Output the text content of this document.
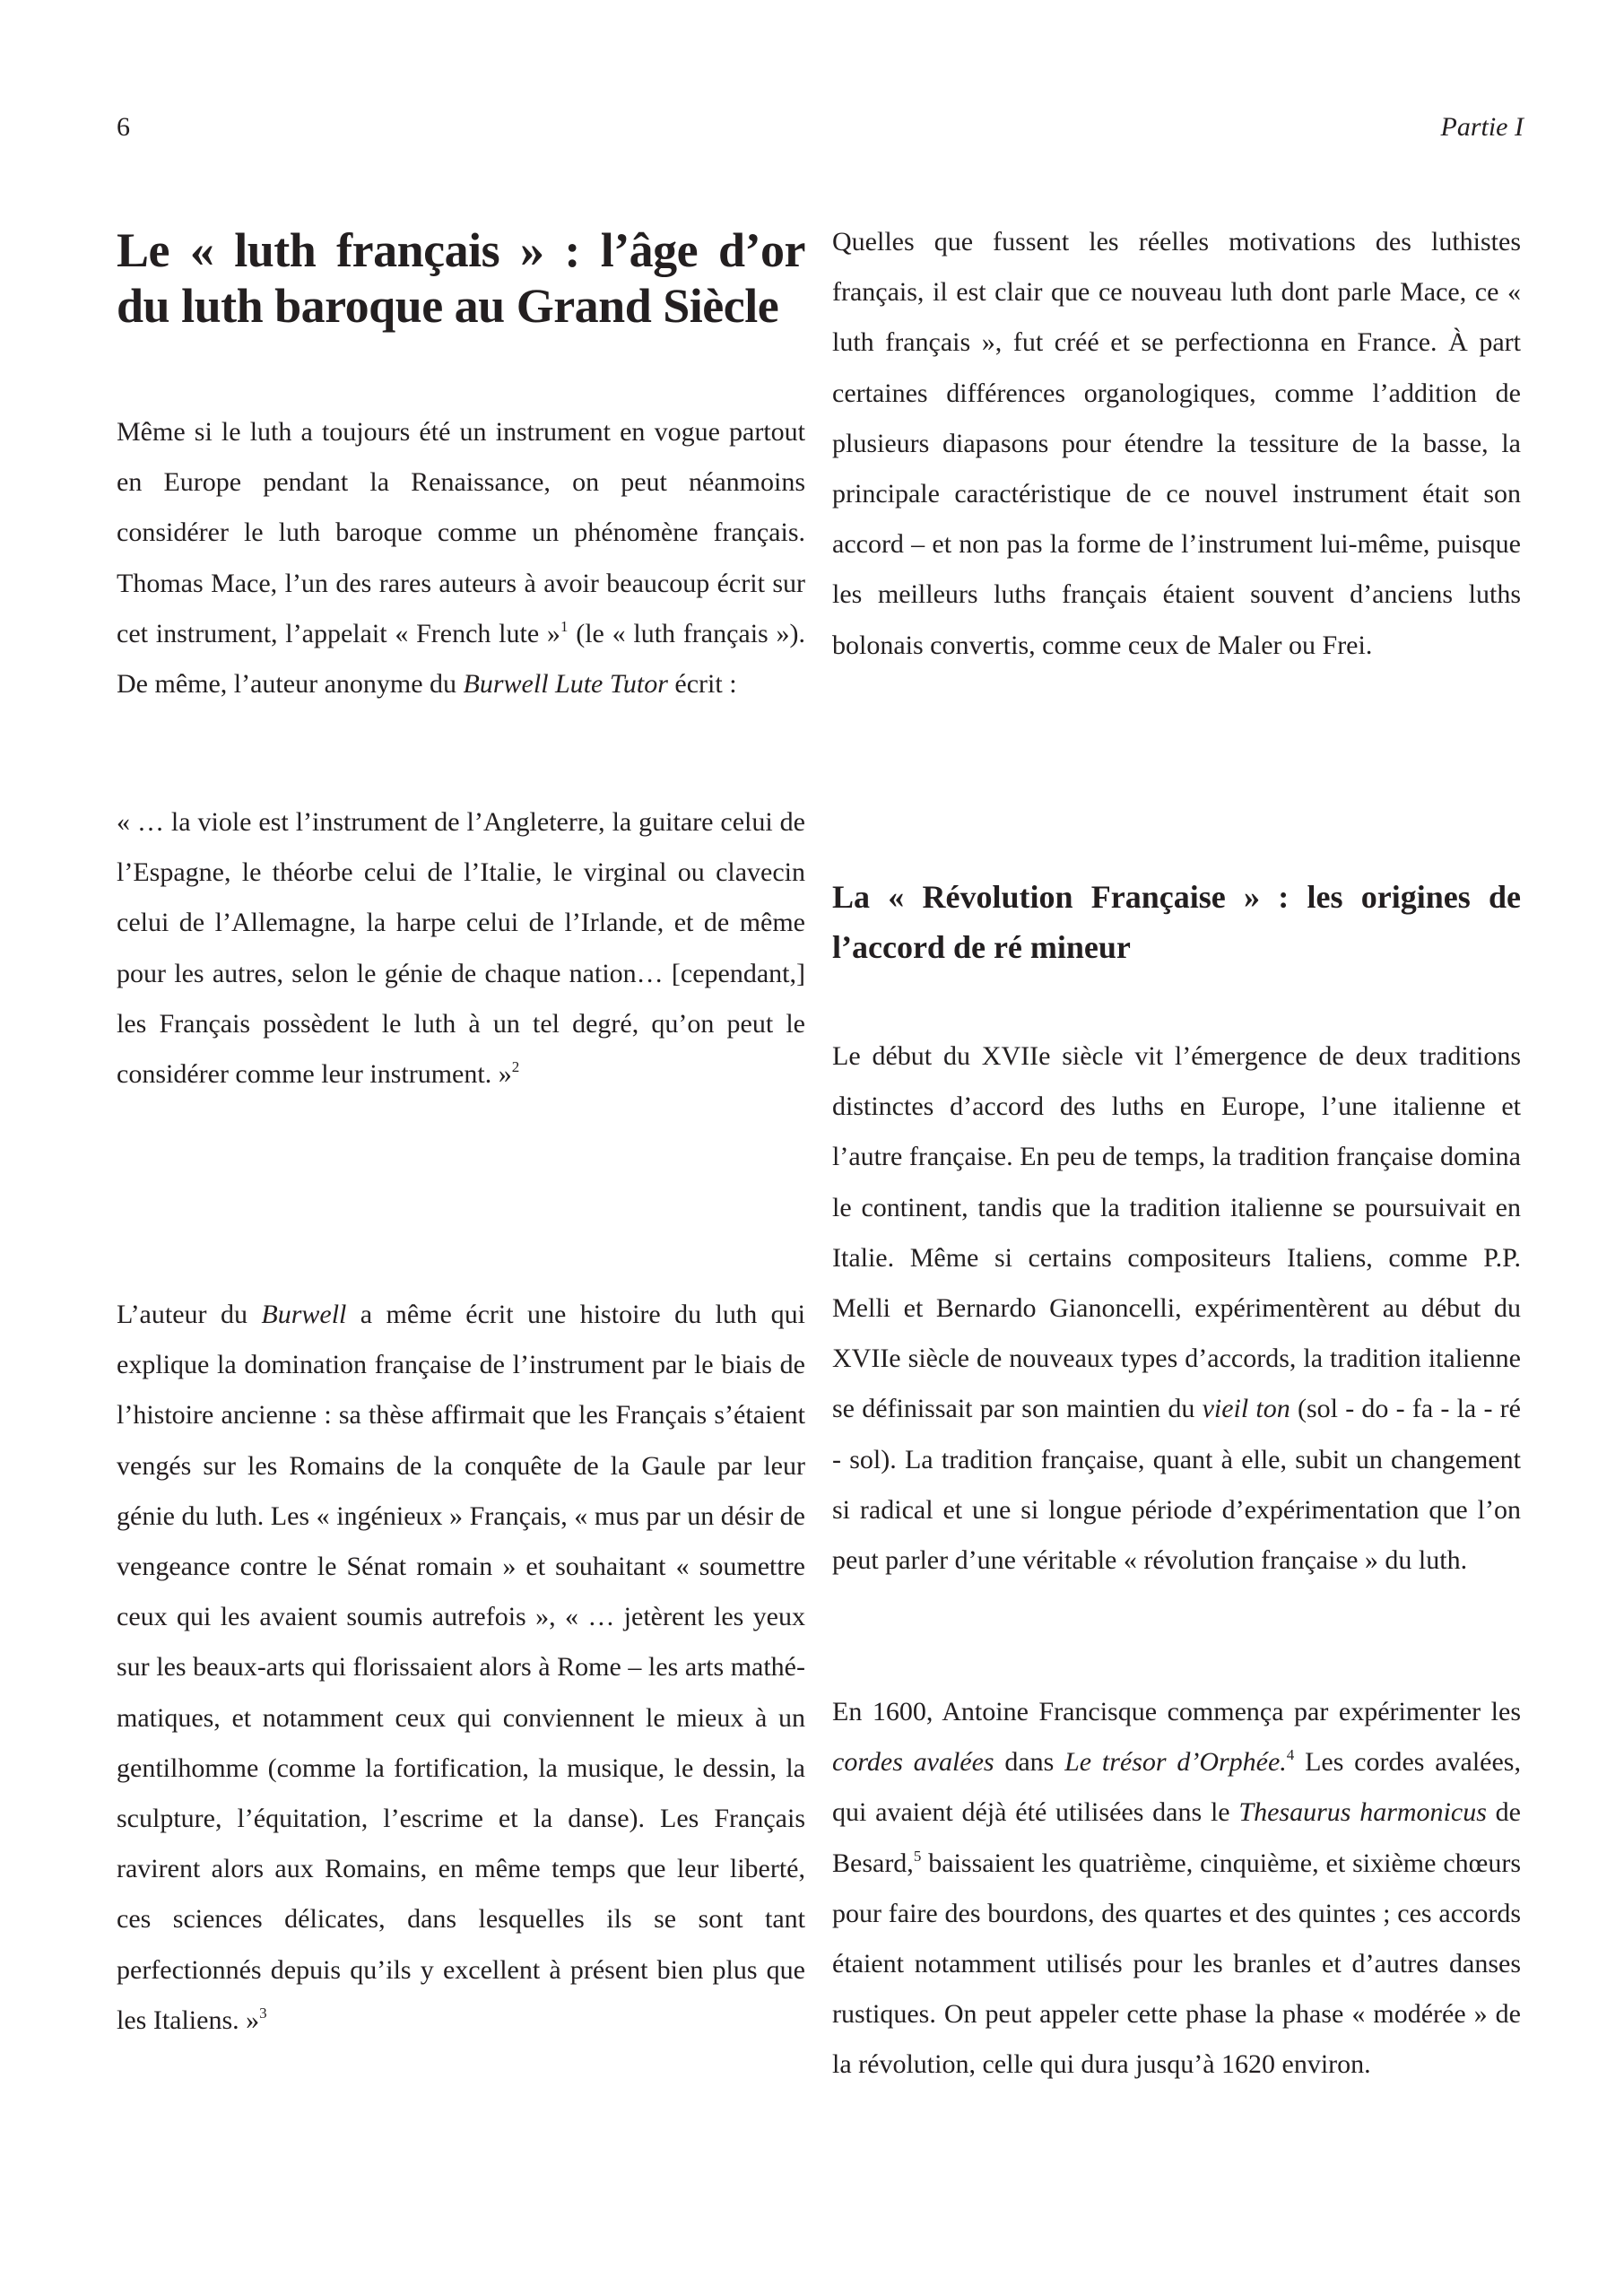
6	Partie I
Le « luth français » : l’âge d’or du luth baroque au Grand Siècle

Même si le luth a toujours été un instrument en vogue partout en Europe pendant la Renaissance, on peut néanmoins considérer le luth baroque comme un phénomène français. Thomas Mace, l’un des rares auteurs à avoir beaucoup écrit sur cet instrument, l’appelait « French lute »$^1$ (le « luth français »). De même, l’auteur anonyme du Burwell Lute Tutor écrit :

« … la viole est l’instrument de l’Angleterre, la guitare celui de l’Espagne, le théorbe celui de l’Italie, le virginal ou clavecin celui de l’Allemagne, la harpe celui de l’Irlande, et de même pour les autres, selon le génie de chaque nation… [cependant,] les Français possèdent le luth à un tel degré, qu’on peut le considérer comme leur instrument. »$^2$

L’auteur du Burwell a même écrit une histoire du luth qui explique la domination française de l’instrument par le biais de l’histoire ancienne : sa thèse affirmait que les Français s’étaient vengés sur les Romains de la conquête de la Gaule par leur génie du luth. Les « ingénieux » Français, « mus par un désir de vengeance contre le Sénat romain » et souhaitant « soumettre ceux qui les avaient soumis autrefois », « … jetèrent les yeux sur les beaux-arts qui florissaient alors à Rome – les arts mathématiques, et notamment ceux qui conviennent le mieux à un gentilhomme (comme la fortification, la musique, le dessin, la sculpture, l’équitation, l’escrime et la danse). Les Français ravirent alors aux Romains, en même temps que leur liberté, ces sciences délicates, dans lesquelles ils se sont tant perfectionnés depuis qu’ils y excellent à présent bien plus que les Italiens. »$^3$

Quelles que fussent les réelles motivations des luthistes français, il est clair que ce nouveau luth dont parle Mace, ce « luth français », fut créé et se perfectionna en France. À part certaines différences organologiques, comme l’addition de plusieurs diapasons pour étendre la tessiture de la basse, la principale caractéristique de ce nouvel instrument était son accord – et non pas la forme de l’instrument lui-même, puisque les meilleurs luths français étaient souvent d’anciens luths bolonais convertis, comme ceux de Maler ou Frei.

La « Révolution Française » : les origines de l’accord de ré mineur

Le début du XVIIe siècle vit l’émergence de deux traditions distinctes d’accord des luths en Europe, l’une italienne et l’autre française. En peu de temps, la tradition française domina le continent, tandis que la tradition italienne se poursuivait en Italie. Même si certains compositeurs Italiens, comme P.P. Melli et Bernardo Gianoncelli, expérimentèrent au début du XVIIe siècle de nouveaux types d’accords, la tradition italienne se définissait par son maintien du vieil ton (sol - do - fa - la - ré - sol). La tradition française, quant à elle, subit un changement si radical et une si longue période d’expérimentation que l’on peut parler d’une véritable « révolution française » du luth.

En 1600, Antoine Francisque commença par expérimenter les cordes avalées dans Le trésor d’Orphée.$^4$ Les cordes avalées, qui avaient déjà été utilisées dans le Thesaurus harmonicus de Besard,$^5$ baissaient les quatrième, cinquième, et sixième chœurs pour faire des bourdons, des quartes et des quintes ; ces accords étaient notamment utilisés pour les branles et d’autres danses rustiques. On peut appeler cette phase la phase « modérée » de la révolution, celle qui dura jusqu’à 1620 environ.
